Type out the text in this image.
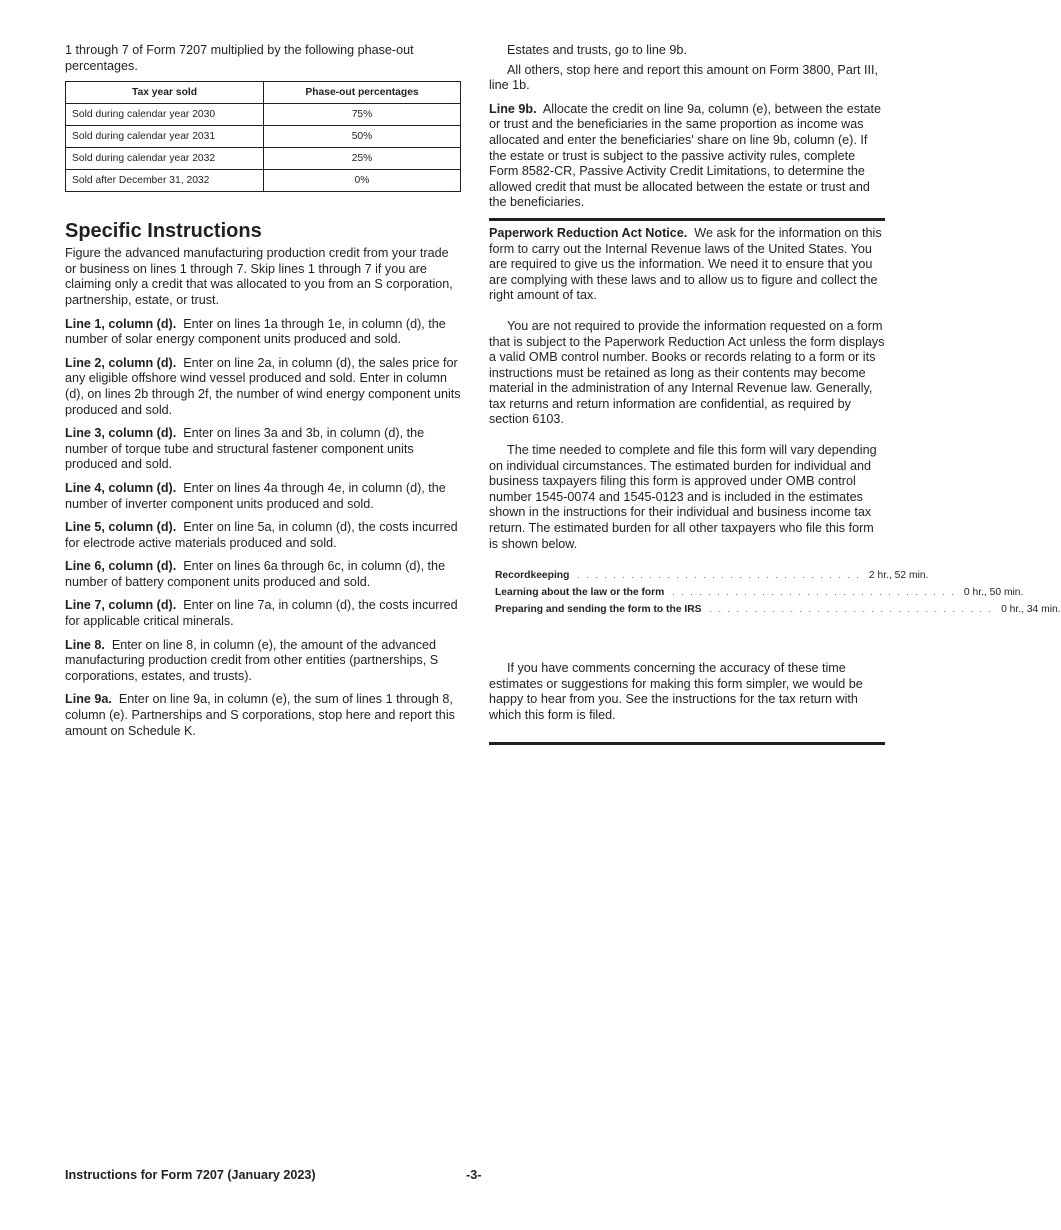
1 through 7 of Form 7207 multiplied by the following phase-out percentages.

Tax year sold	Phase-out percentages
Sold during calendar year 2030	75%
Sold during calendar year 2031	50%
Sold during calendar year 2032	25%
Sold after December 31, 2032	0%
Specific Instructions

Figure the advanced manufacturing production credit from your trade or business on lines 1 through 7. Skip lines 1 through 7 if you are claiming only a credit that was allocated to you from an S corporation, partnership, estate, or trust.

Line 1, column (d). Enter on lines 1a through 1e, in column (d), the number of solar energy component units produced and sold.

Line 2, column (d). Enter on line 2a, in column (d), the sales price for any eligible offshore wind vessel produced and sold. Enter in column (d), on lines 2b through 2f, the number of wind energy component units produced and sold.

Line 3, column (d). Enter on lines 3a and 3b, in column (d), the number of torque tube and structural fastener component units produced and sold.

Line 4, column (d). Enter on lines 4a through 4e, in column (d), the number of inverter component units produced and sold.

Line 5, column (d). Enter on line 5a, in column (d), the costs incurred for electrode active materials produced and sold.

Line 6, column (d). Enter on lines 6a through 6c, in column (d), the number of battery component units produced and sold.

Line 7, column (d). Enter on line 7a, in column (d), the costs incurred for applicable critical minerals.

Line 8. Enter on line 8, in column (e), the amount of the advanced manufacturing production credit from other entities (partnerships, S corporations, estates, and trusts).

Line 9a. Enter on line 9a, in column (e), the sum of lines 1 through 8, column (e). Partnerships and S corporations, stop here and report this amount on Schedule K.

Estates and trusts, go to line 9b.

All others, stop here and report this amount on Form 3800, Part III, line 1b.

Line 9b. Allocate the credit on line 9a, column (e), between the estate or trust and the beneficiaries in the same proportion as income was allocated and enter the beneficiaries' share on line 9b, column (e). If the estate or trust is subject to the passive activity rules, complete Form 8582-CR, Passive Activity Credit Limitations, to determine the allowed credit that must be allocated between the estate or trust and the beneficiaries.

Paperwork Reduction Act Notice. We ask for the information on this form to carry out the Internal Revenue laws of the United States. You are required to give us the information. We need it to ensure that you are complying with these laws and to allow us to figure and collect the right amount of tax.

You are not required to provide the information requested on a form that is subject to the Paperwork Reduction Act unless the form displays a valid OMB control number. Books or records relating to a form or its instructions must be retained as long as their contents may become material in the administration of any Internal Revenue law. Generally, tax returns and return information are confidential, as required by section 6103.

The time needed to complete and file this form will vary depending on individual circumstances. The estimated burden for individual and business taxpayers filing this form is approved under OMB control number 1545-0074 and 1545-0123 and is included in the estimates shown in the instructions for their individual and business income tax return. The estimated burden for all other taxpayers who file this form is shown below.

Recordkeeping . . . . . . . . . . . . . . . . . . . . . . . . . . . . . . . . 2 hr., 52 min.
Learning about the law or the form . . . . . . . . . . . . . . . . . . . . . . . . . . . . . . . . 0 hr., 50 min.
Preparing and sending the form to the IRS . . . . . . . . . . . . . . . . . . . . . . . . . . . . . . . . 0 hr., 34 min.

If you have comments concerning the accuracy of these time estimates or suggestions for making this form simpler, we would be happy to hear from you. See the instructions for the tax return with which this form is filed.

Instructions for Form 7207 (January 2023)	-3-
